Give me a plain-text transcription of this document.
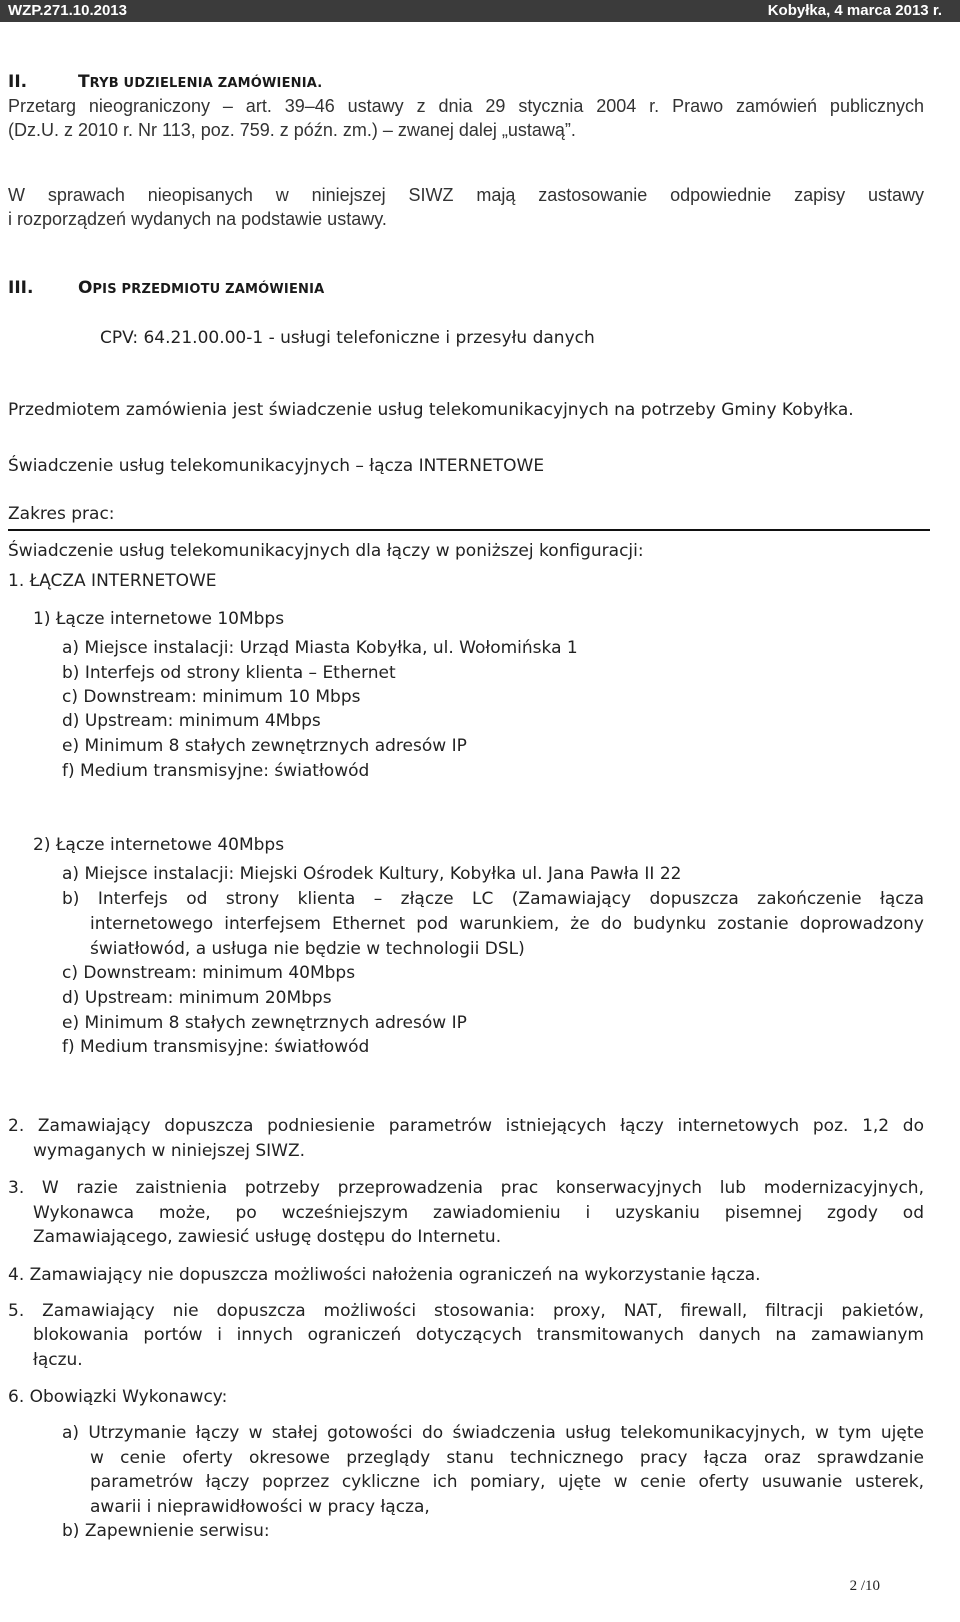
WZP.271.10.2013	Kobyłka, 4 marca 2013 r.
II.	TRYB UDZIELENIA ZAMÓWIENIA.
Przetarg nieograniczony – art. 39–46 ustawy z dnia 29 stycznia 2004 r. Prawo zamówień publicznych
(Dz.U. z 2010 r. Nr 113, poz. 759. z późn. zm.) – zwanej dalej „ustawą”.
W sprawach nieopisanych w niniejszej SIWZ mają zastosowanie odpowiednie zapisy ustawy
i rozporządzeń wydanych na podstawie ustawy.
III.	OPIS PRZEDMIOTU ZAMÓWIENIA
CPV: 64.21.00.00-1 - usługi telefoniczne i przesyłu danych
Przedmiotem zamówienia jest świadczenie usług telekomunikacyjnych na potrzeby Gminy Kobyłka.
Świadczenie usług telekomunikacyjnych – łącza INTERNETOWE
Zakres prac:
Świadczenie usług telekomunikacyjnych dla łączy w poniższej konfiguracji:
1. ŁĄCZA INTERNETOWE
1) Łącze internetowe 10Mbps
a) Miejsce instalacji: Urząd Miasta Kobyłka, ul. Wołomińska 1
b) Interfejs od strony klienta – Ethernet
c) Downstream: minimum 10 Mbps
d) Upstream: minimum 4Mbps
e) Minimum 8 stałych zewnętrznych adresów IP
f) Medium transmisyjne: światłowód
2) Łącze internetowe 40Mbps
a) Miejsce instalacji: Miejski Ośrodek Kultury, Kobyłka ul. Jana Pawła II 22
b) Interfejs od strony klienta – złącze LC (Zamawiający dopuszcza zakończenie łącza
internetowego interfejsem Ethernet pod warunkiem, że do budynku zostanie doprowadzony
światłowód, a usługa nie będzie w technologii DSL)
c) Downstream: minimum 40Mbps
d) Upstream: minimum 20Mbps
e) Minimum 8 stałych zewnętrznych adresów IP
f) Medium transmisyjne: światłowód
2. Zamawiający dopuszcza podniesienie parametrów istniejących łączy internetowych poz. 1,2 do
wymaganych w niniejszej SIWZ.
3. W razie zaistnienia potrzeby przeprowadzenia prac konserwacyjnych lub modernizacyjnych,
Wykonawca może, po wcześniejszym zawiadomieniu i uzyskaniu pisemnej zgody od
Zamawiającego, zawiesić usługę dostępu do Internetu.
4. Zamawiający nie dopuszcza możliwości nałożenia ograniczeń na wykorzystanie łącza.
5. Zamawiający nie dopuszcza możliwości stosowania: proxy, NAT, firewall, filtracji pakietów,
blokowania portów i innych ograniczeń dotyczących transmitowanych danych na zamawianym
łączu.
6. Obowiązki Wykonawcy:
a) Utrzymanie łączy w stałej gotowości do świadczenia usług telekomunikacyjnych, w tym ujęte
w cenie oferty okresowe przeglądy stanu technicznego pracy łącza oraz sprawdzanie
parametrów łączy poprzez cykliczne ich pomiary, ujęte w cenie oferty usuwanie usterek,
awarii i nieprawidłowości w pracy łącza,
b) Zapewnienie serwisu:
2 /10
